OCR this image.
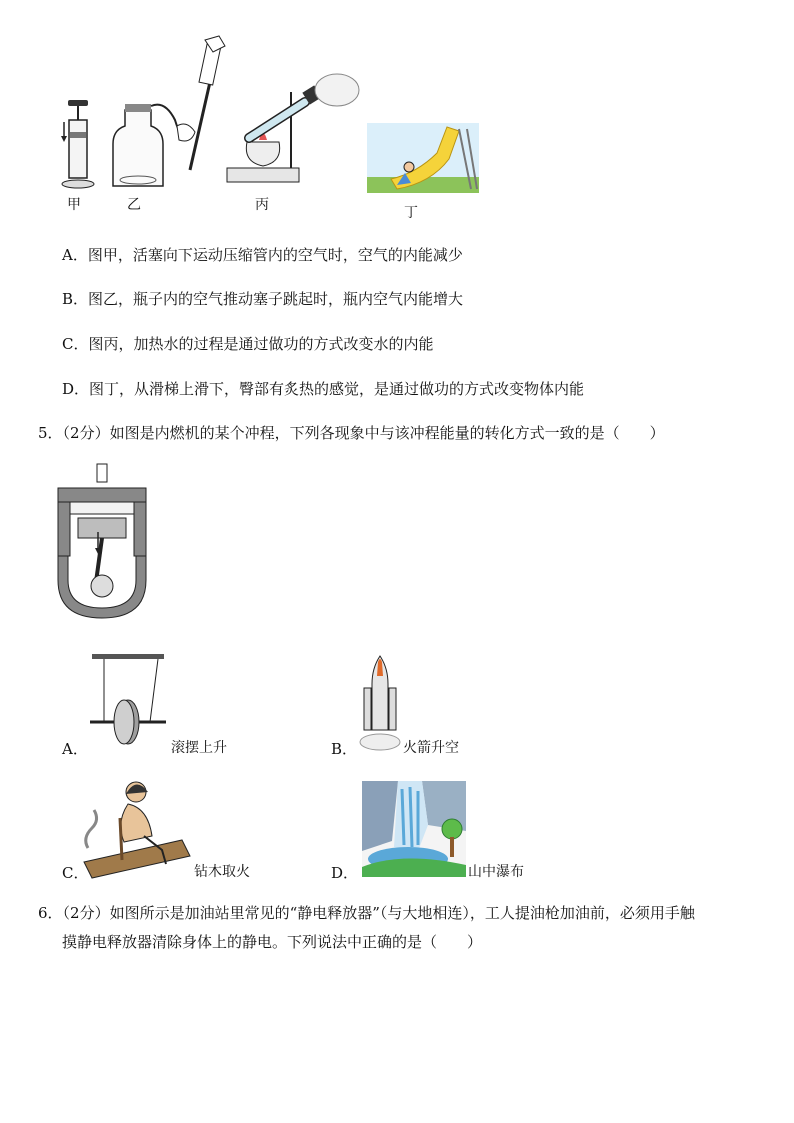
甲	乙	丙	丁
A．图甲，活塞向下运动压缩管内的空气时，空气的内能减少
B．图乙，瓶子内的空气推动塞子跳起时，瓶内空气内能增大
C．图丙，加热水的过程是通过做功的方式改变水的内能
D．图丁，从滑梯上滑下，臀部有炙热的感觉，是通过做功的方式改变物体内能
5．（2分）如图是内燃机的某个冲程，下列各现象中与该冲程能量的转化方式一致的是（　　）
A．	滚摆上升	B．	火箭升空
C．	钻木取火	D．	山中瀑布
6．（2分）如图所示是加油站里常见的“静电释放器”（与大地相连），工人提油枪加油前，必须用手触
摸静电释放器清除身体上的静电。下列说法中正确的是（　　）
